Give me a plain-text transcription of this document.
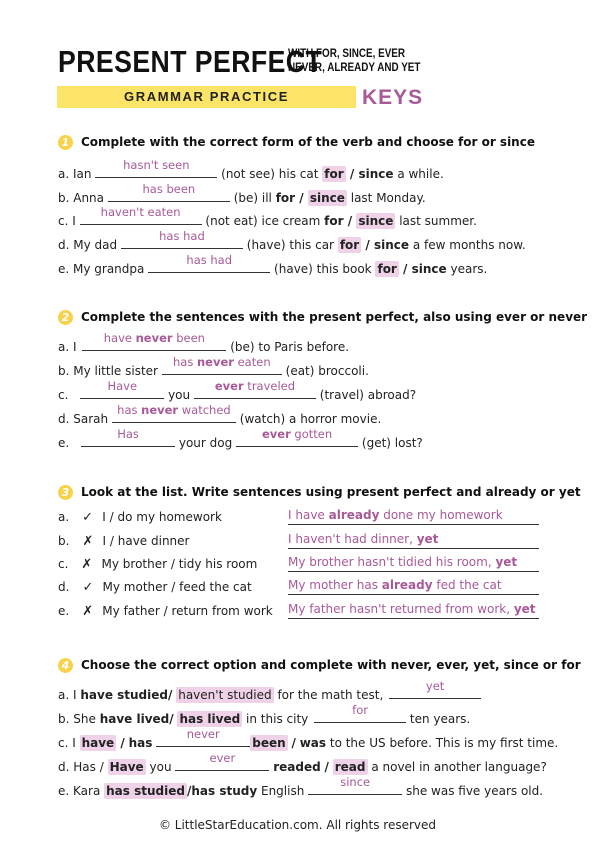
PRESENT PERFECT
WITH FOR, SINCE, EVER
NEVER, ALREADY AND YET
GRAMMAR PRACTICE	KEYS
1 Complete with the correct form of the verb and choose for or since
a. Ian
hasn't seen
(not see) his cat for / since a while.
b. Anna
has been
(be) ill for / since last Monday.
c. I
haven't eaten
(not eat) ice cream for / since last summer.
d. My dad
has had
(have) this car for / since a few months now.
e. My grandpa
has had
(have) this book for / since years.
2 Complete the sentences with the present perfect, also using ever or never
a. I
have never been
(be) to Paris before.
b. My little sister
has never eaten
(eat) broccoli.
c.
Have
you
ever traveled
(travel) abroad?
d. Sarah
has never watched
(watch) a horror movie.
e.
Has
your dog
ever gotten
(get) lost?
3 Look at the list. Write sentences using present perfect and already or yet
a. ✓ I / do my homework	I have already done my homework
b. ✗ I / have dinner	I haven't had dinner, yet
c. ✗ My brother / tidy his room	My brother hasn't tidied his room, yet
d. ✓ My mother / feed the cat	My mother has already fed the cat
e. ✗ My father / return from work My father hasn't returned from work, yet
4 Choose the correct option and complete with never, ever, yet, since or for
a. I have studied/ haven't studied for the math test,
yet
b. She have lived/ has lived in this city
for
ten years.
c. I have / has
never
been / was to the US before. This is my first time.
d. Has / Have you
ever
readed / read a novel in another language?
e. Kara has studied /has study English
since
she was five years old.
© LittleStarEducation.com. All rights reserved
